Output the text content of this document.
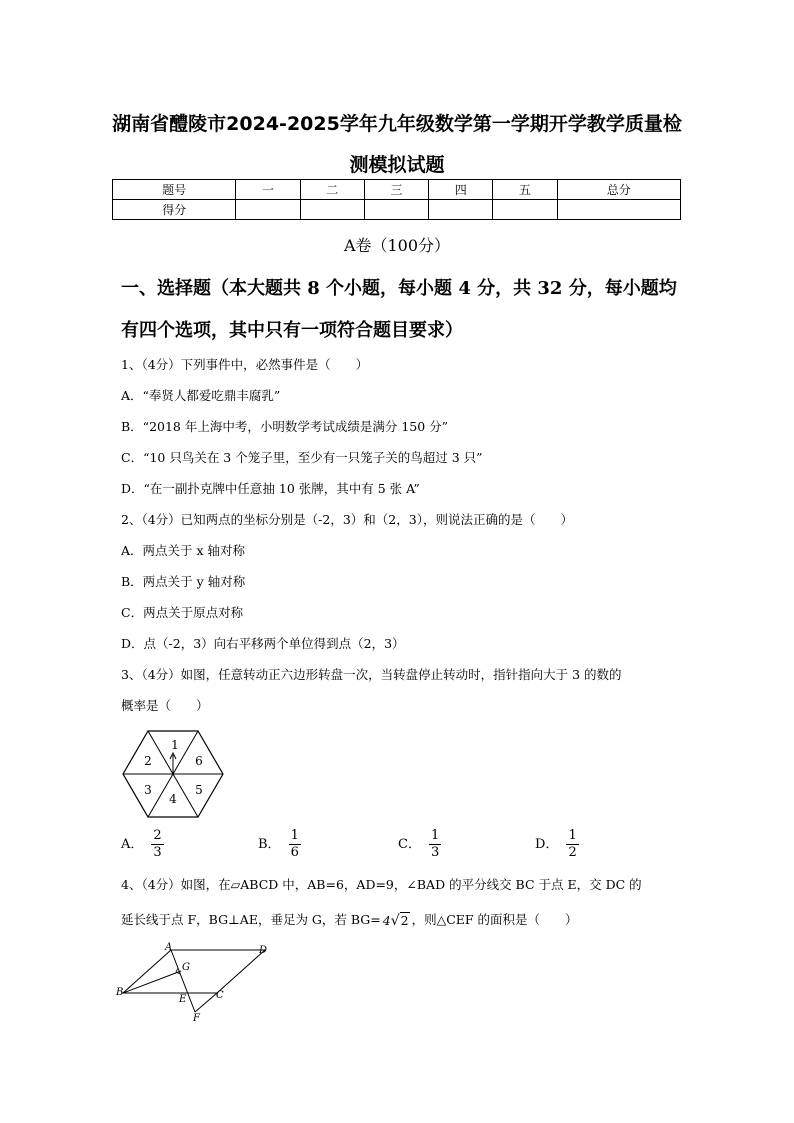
湖南省醴陵市2024-2025学年九年级数学第一学期开学教学质量检
测模拟试题
题号	一	二	三	四	五	总分
得分						
A卷（100分）
一、选择题（本大题共 8 个小题，每小题 4 分，共 32 分，每小题均
有四个选项，其中只有一项符合题目要求）
1、（4分）下列事件中，必然事件是（　　）
A．“奉贤人都爱吃鼎丰腐乳”
B．“2018 年上海中考，小明数学考试成绩是满分 150 分”
C．“10 只鸟关在 3 个笼子里，至少有一只笼子关的鸟超过 3 只”
D．“在一副扑克牌中任意抽 10 张牌，其中有 5 张 A”
2、（4分）已知两点的坐标分别是（-2，3）和（2，3），则说法正确的是（　　）
A．两点关于 x 轴对称
B．两点关于 y 轴对称
C．两点关于原点对称
D．点（-2，3）向右平移两个单位得到点（2，3）
3、（4分）如图，任意转动正六边形转盘一次，当转盘停止转动时，指针指向大于 3 的数的
概率是（　　）
1
6
5
4
3
2
A． $\frac{2}{3}$	B． $\frac{1}{6}$	C． $\frac{1}{3}$	D． $\frac{1}{2}$
4、（4分）如图，在▱ABCD 中，AB=6，AD=9，∠BAD 的平分线交 BC 于点 E，交 DC 的
延长线于点 F，BG⊥AE，垂足为 G，若 BG= 4√2 ，则△CEF 的面积是（　　）
A	D
G
B
E	C
F
